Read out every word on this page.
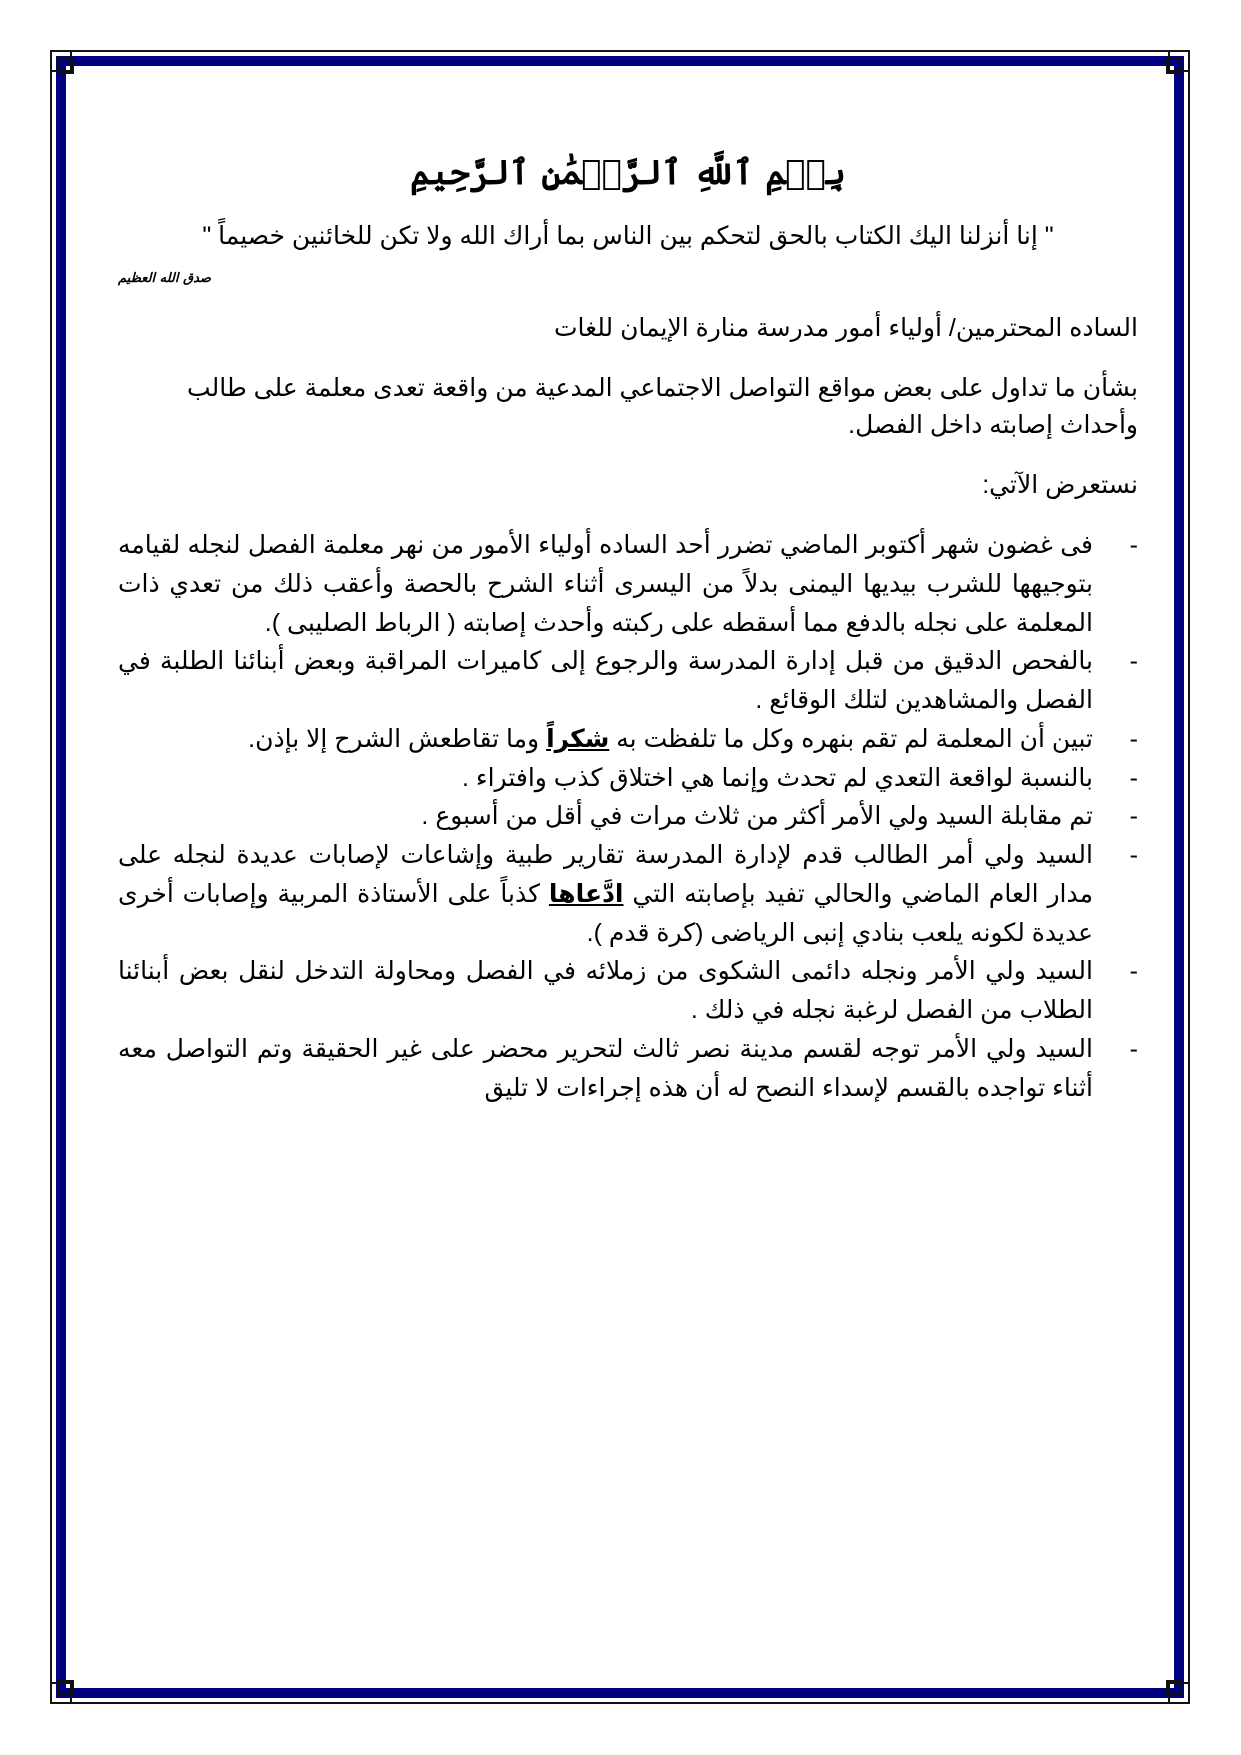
بِسۡمِ ٱللَّهِ ٱلرَّحۡمَٰنِ ٱلرَّحِيمِ
" إنا أنزلنا اليك الكتاب بالحق لتحكم بين الناس بما أراك الله ولا تكن للخائنين خصيماً "
صدق الله العظيم
الساده المحترمين/ أولياء أمور مدرسة منارة الإيمان للغات
بشأن ما تداول على بعض مواقع التواصل الاجتماعي المدعية من واقعة تعدى معلمة على طالب وأحداث إصابته داخل الفصل.
نستعرض الآتي:
-
فى غضون شهر أكتوبر الماضي تضرر أحد الساده أولياء الأمور من نهر معلمة الفصل لنجله لقيامه بتوجيهها للشرب بيديها اليمنى بدلاً من اليسرى أثناء الشرح بالحصة وأعقب ذلك من تعدي ذات المعلمة على نجله بالدفع مما أسقطه على ركبته وأحدث إصابته ( الرباط الصليبى ).
-
بالفحص الدقيق من قبل إدارة المدرسة والرجوع إلى كاميرات المراقبة وبعض أبنائنا الطلبة في الفصل والمشاهدين لتلك الوقائع .
-
تبين أن المعلمة لم تقم بنهره وكل ما تلفظت به شكراً وما تقاطعش الشرح إلا بإذن.
-
بالنسبة لواقعة التعدي لم تحدث وإنما هي اختلاق كذب وافتراء .
-
تم مقابلة السيد ولي الأمر أكثر من ثلاث مرات في أقل من أسبوع .
-
السيد ولي أمر الطالب قدم لإدارة المدرسة تقارير طبية وإشاعات لإصابات عديدة لنجله على مدار العام الماضي والحالي تفيد بإصابته التي ادَّعاها كذباً على الأستاذة المربية وإصابات أخرى عديدة لكونه يلعب بنادي إنبى الرياضى (كرة قدم ).
-
السيد ولي الأمر ونجله دائمى الشكوى من زملائه في الفصل ومحاولة التدخل لنقل بعض أبنائنا الطلاب من الفصل لرغبة نجله في ذلك .
-
السيد ولي الأمر توجه لقسم مدينة نصر ثالث لتحرير محضر على غير الحقيقة وتم التواصل معه أثناء تواجده بالقسم لإسداء النصح له أن هذه إجراءات لا تليق
